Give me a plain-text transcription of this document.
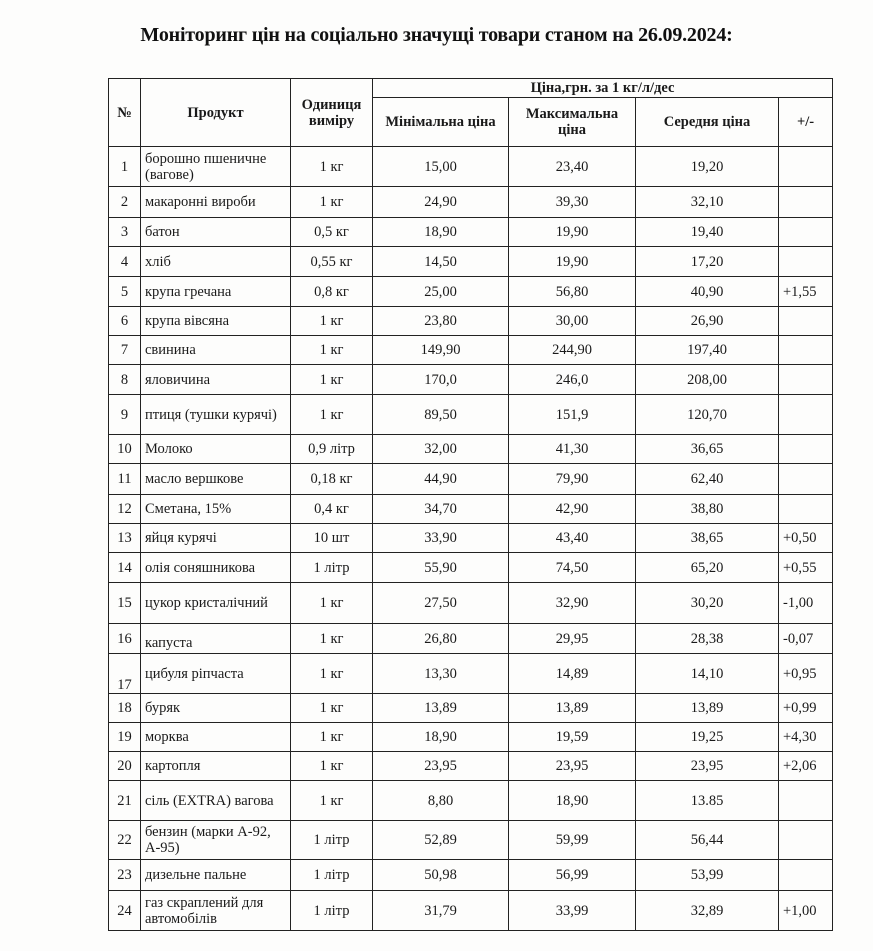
Моніторинг цін на соціально значущі товари станом на 26.09.2024:
№	Продукт	Одиниця виміру	Ціна,грн. за 1 кг/л/дес			
			Мінімальна ціна	Максимальна ціна	Середня ціна	+/-
1	борошно пшеничне (вагове)	1 кг	15,00	23,40	19,20	
2	макаронні вироби	1 кг	24,90	39,30	32,10	
3	батон	0,5 кг	18,90	19,90	19,40	
4	хліб	0,55 кг	14,50	19,90	17,20	
5	крупа гречана	0,8 кг	25,00	56,80	40,90	+1,55
6	крупа вівсяна	1 кг	23,80	30,00	26,90	
7	свинина	1 кг	149,90	244,90	197,40	
8	яловичина	1 кг	170,0	246,0	208,00	
9	птиця (тушки курячі)	1 кг	89,50	151,9	120,70	
10	Молоко	0,9 літр	32,00	41,30	36,65	
11	масло вершкове	0,18 кг	44,90	79,90	62,40	
12	Сметана, 15%	0,4 кг	34,70	42,90	38,80	
13	яйця курячі	10 шт	33,90	43,40	38,65	+0,50
14	олія соняшникова	1 літр	55,90	74,50	65,20	+0,55
15	цукор кристалічний	1 кг	27,50	32,90	30,20	-1,00
16	капуста	1 кг	26,80	29,95	28,38	-0,07
17	цибуля ріпчаста	1 кг	13,30	14,89	14,10	+0,95
18	буряк	1 кг	13,89	13,89	13,89	+0,99
19	морква	1 кг	18,90	19,59	19,25	+4,30
20	картопля	1 кг	23,95	23,95	23,95	+2,06
21	сіль (EXTRA) вагова	1 кг	8,80	18,90	13.85	
22	бензин (марки А-92, А-95)	1 літр	52,89	59,99	56,44	
23	дизельне пальне	1 літр	50,98	56,99	53,99	
24	газ скраплений для автомобілів	1 літр	31,79	33,99	32,89	+1,00
